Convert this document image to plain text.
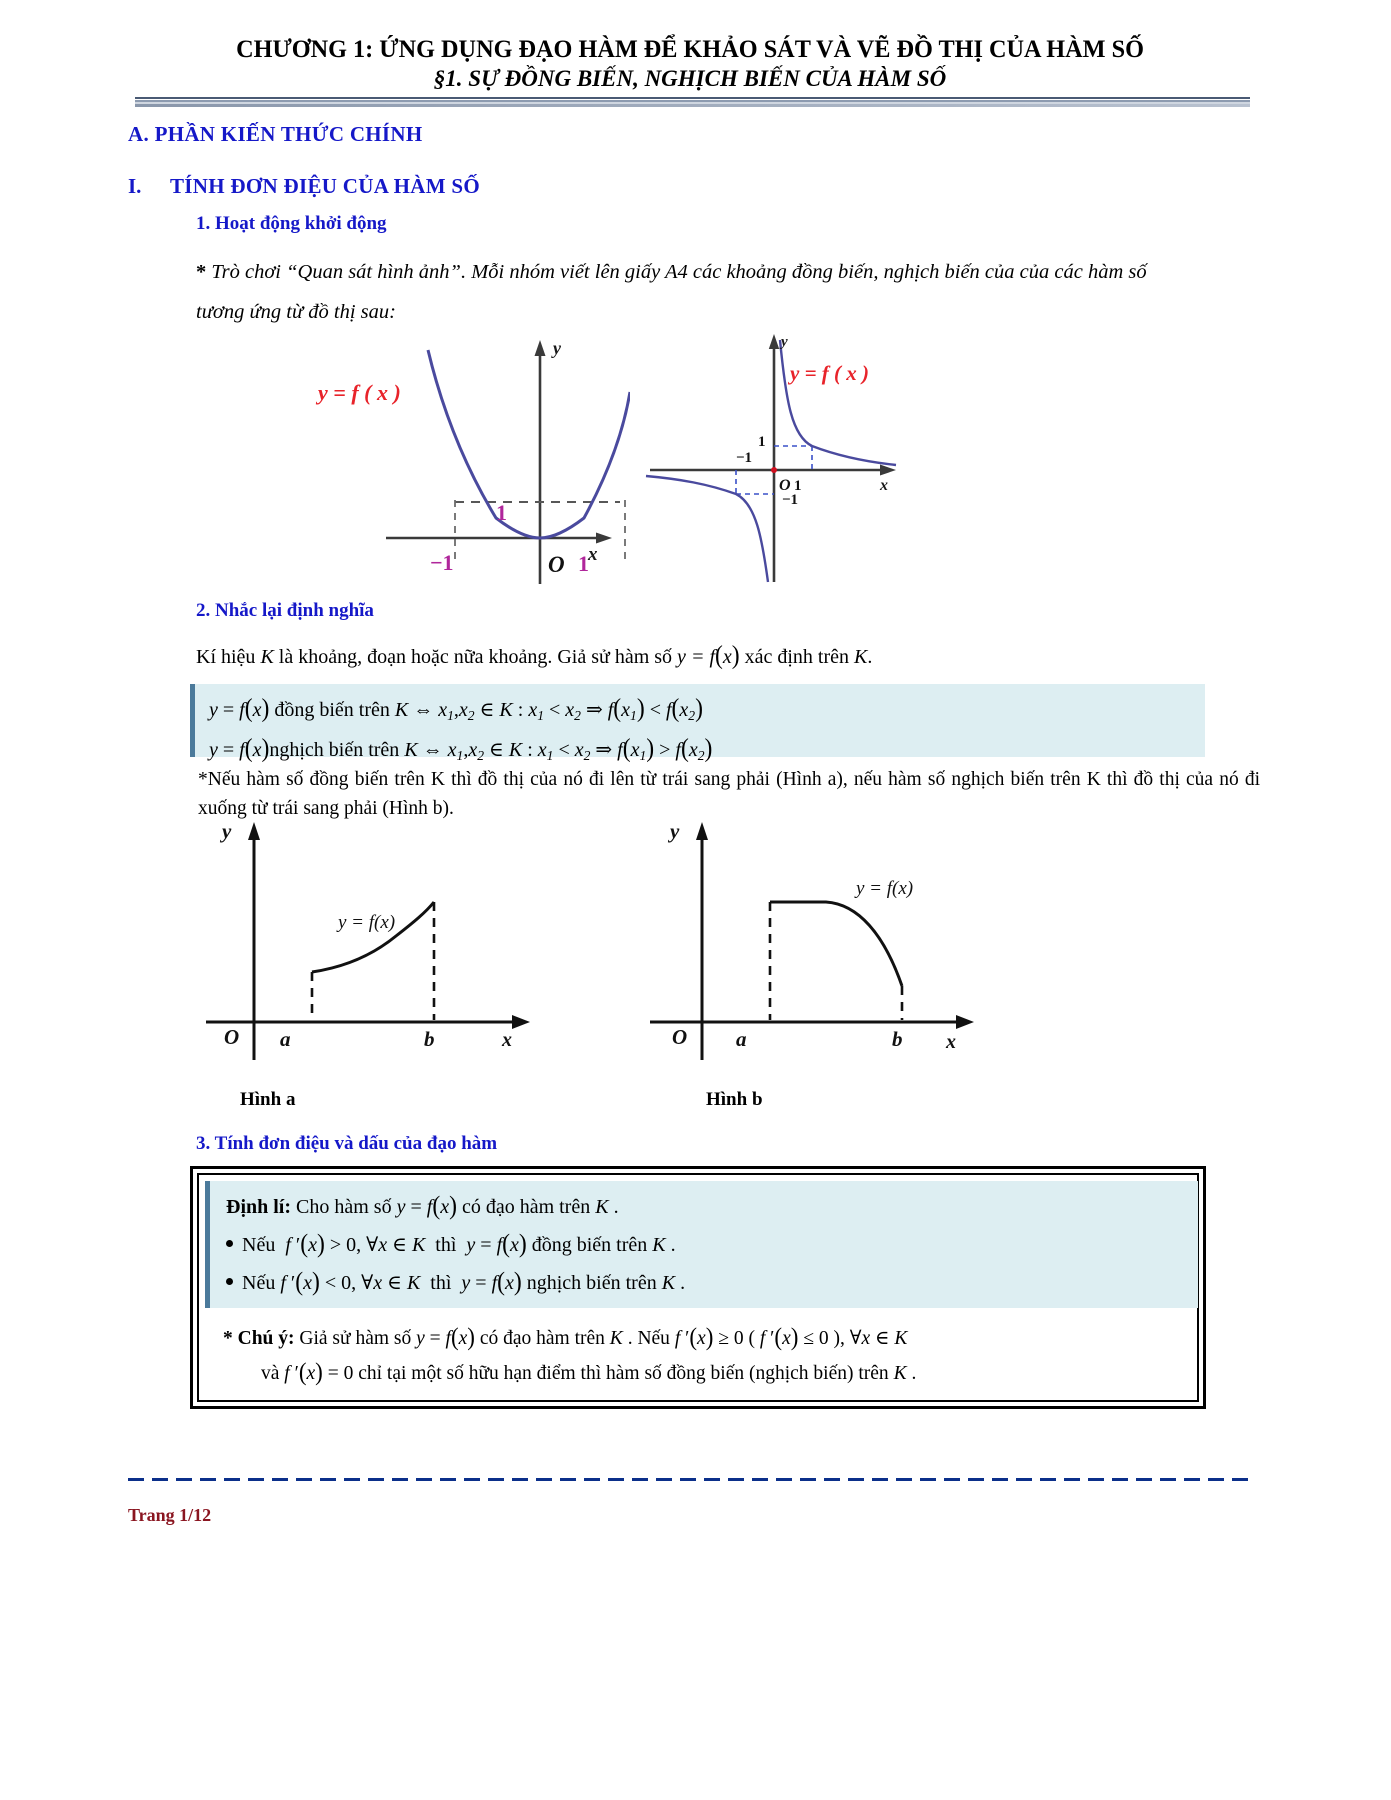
CHƯƠNG 1: ỨNG DỤNG ĐẠO HÀM ĐỂ KHẢO SÁT VÀ VẼ ĐỒ THỊ CỦA HÀM SỐ
§1. SỰ ĐỒNG BIẾN, NGHỊCH BIẾN CỦA HÀM SỐ
A. PHẦN KIẾN THỨC CHÍNH
I. TÍNH ĐƠN ĐIỆU CỦA HÀM SỐ
1. Hoạt động khởi động
* Trò chơi “Quan sát hình ảnh”. Mỗi nhóm viết lên giấy A4 các khoảng đồng biến, nghịch biến của của các hàm số tương ứng từ đồ thị sau:
y
x
y = f ( x )
1
−1	O 1
y
x
y = f ( x )
1
−1
O 1
−1
2. Nhắc lại định nghĩa
Kí hiệu K là khoảng, đoạn hoặc nữa khoảng. Giả sử hàm số y = f(x) xác định trên K.
y = f(x) đồng biến trên K ⇔ $x_1,x_2$ ∈ K : $x_1 < x_2$ ⇒ $f(x_1) < f(x_2)$
y = f(x)nghịch biến trên K ⇔ $x_1,x_2$ ∈ K : $x_1 < x_2$ ⇒ $f(x_1) > f(x_2)$
*Nếu hàm số đồng biến trên K thì đồ thị của nó đi lên từ trái sang phải (Hình a), nếu hàm số nghịch biến trên K thì đồ thị của nó đi xuống từ trái sang phải (Hình b).
y
x
O a	b
y = f(x)
y
x
O a	b
y = f(x)
Hình a	Hình b
3. Tính đơn điệu và dấu của đạo hàm
Định lí: Cho hàm số y = f(x) có đạo hàm trên K .
Nếu  f ′(x) > 0, ∀x ∈ K  thì  y = f(x) đồng biến trên K .
Nếu f ′(x) < 0, ∀x ∈ K  thì  y = f(x) nghịch biến trên K .
* Chú ý: Giả sử hàm số y = f(x) có đạo hàm trên K . Nếu f ′(x) ≥ 0 ( f ′(x) ≤ 0 ), ∀x ∈ K
và f ′(x) = 0 chỉ tại một số hữu hạn điểm thì hàm số đồng biến (nghịch biến) trên K .
Trang 1/12
